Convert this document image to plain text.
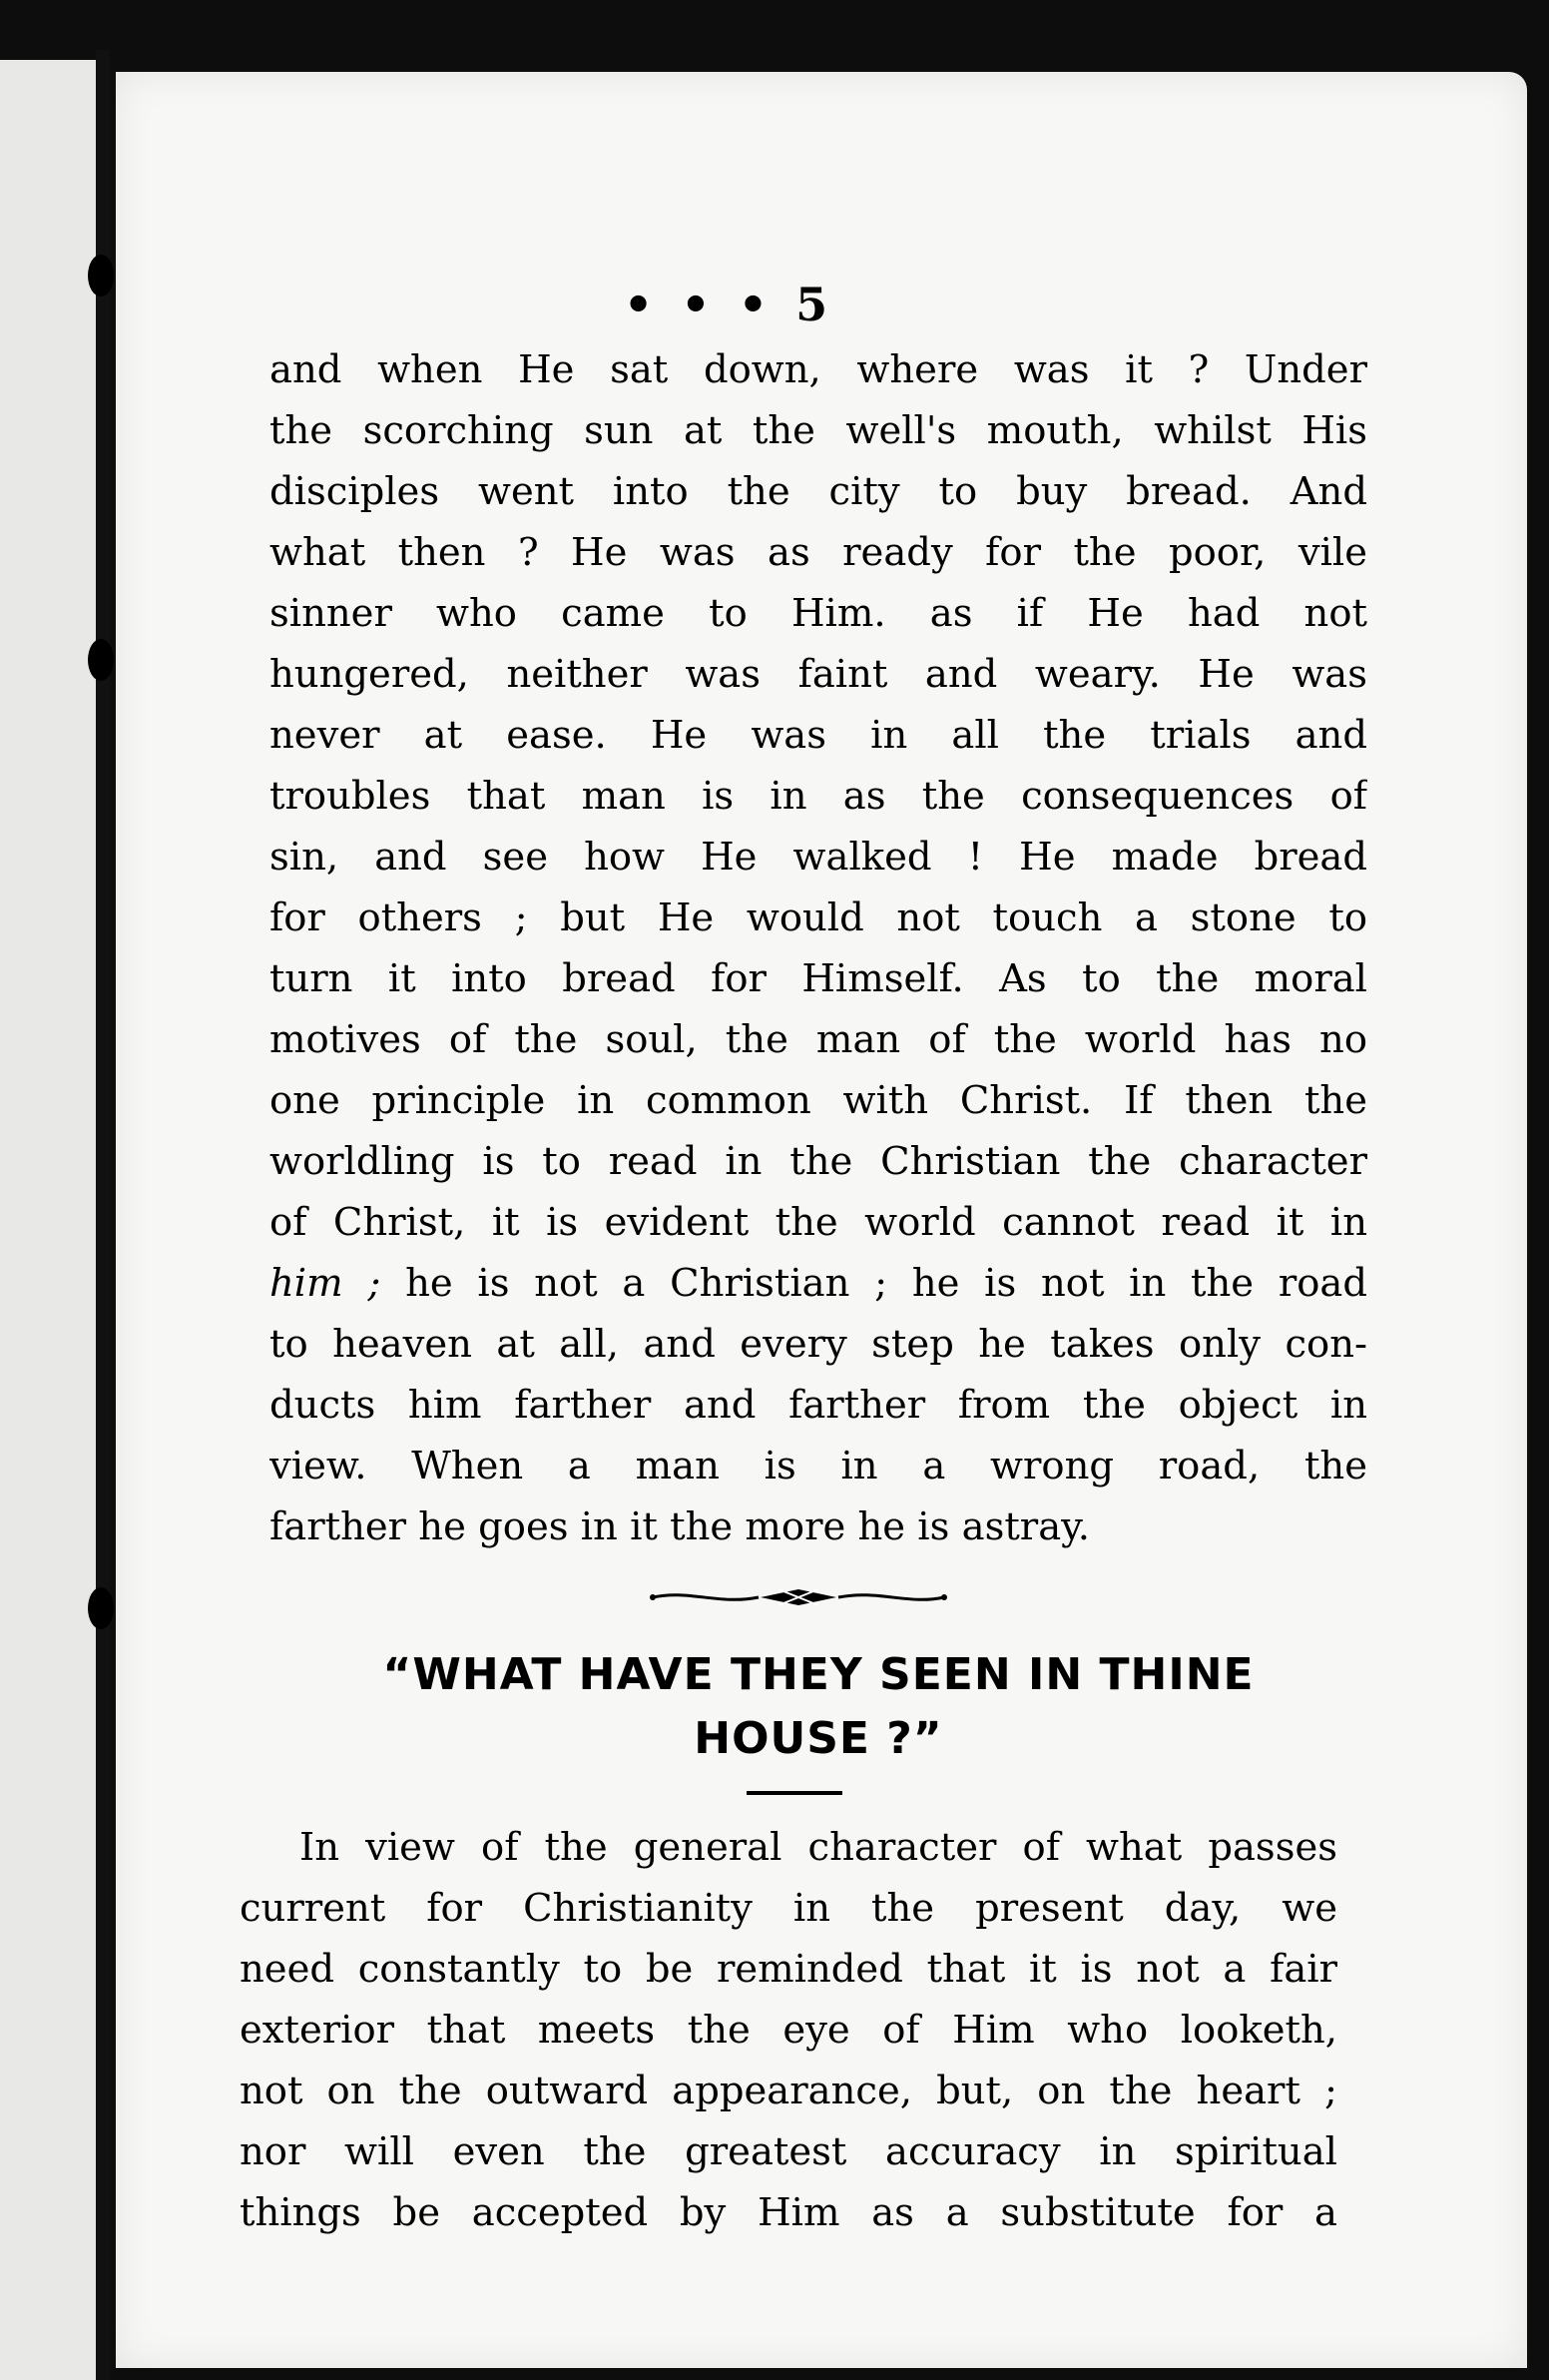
• • • 5
and when He sat down, where was it ? Under
the scorching sun at the well's mouth, whilst His
disciples went into the city to buy bread. And
what then ? He was as ready for the poor, vile
sinner who came to Him. as if He had not
hungered, neither was faint and weary. He was
never at ease. He was in all the trials and
troubles that man is in as the consequences of
sin, and see how He walked ! He made bread
for others ; but He would not touch a stone to
turn it into bread for Himself. As to the moral
motives of the soul, the man of the world has no
one principle in common with Christ. If then the
worldling is to read in the Christian the character
of Christ, it is evident the world cannot read it in
him ; he is not a Christian ; he is not in the road
to heaven at all, and every step he takes only con-
ducts him farther and farther from the object in
view. When a man is in a wrong road, the
farther he goes in it the more he is astray.
“WHAT HAVE THEY SEEN IN THINE
HOUSE ?”
In view of the general character of what passes
current for Christianity in the present day, we
need constantly to be reminded that it is not a fair
exterior that meets the eye of Him who looketh,
not on the outward appearance, but, on the heart ;
nor will even the greatest accuracy in spiritual
things be accepted by Him as a substitute for a
